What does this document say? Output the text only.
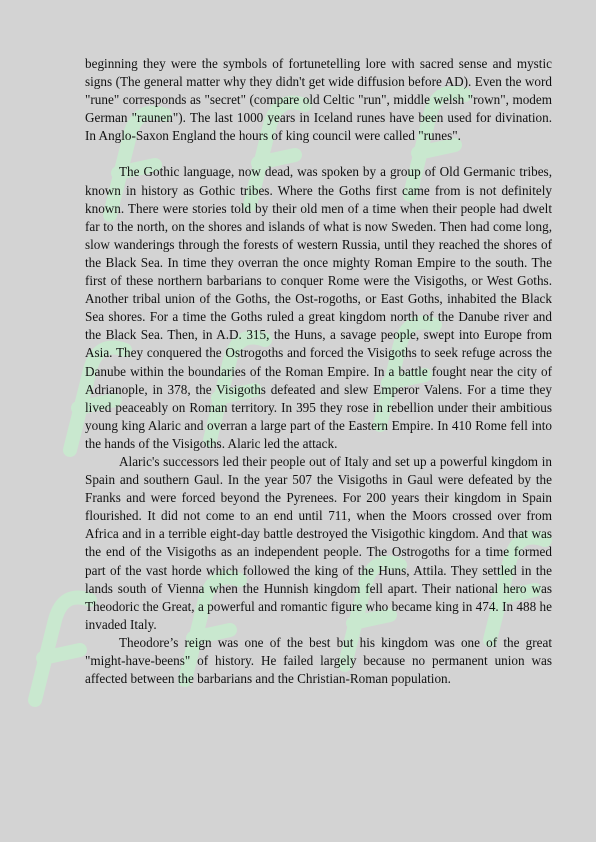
beginning they were the symbols of fortunetelling lore with sacred sense and mystic signs (The general matter why they didn't get wide diffusion before AD). Even the word "rune" corresponds as "secret" (compare old Celtic "run", middle welsh "rown", modem German "raunen"). The last 1000 years in Iceland runes have been used for divination. In Anglo-Saxon England the hours of king council were called "runes".

The Gothic language, now dead, was spoken by a group of Old Germanic tribes, known in history as Gothic tribes. Where the Goths first came from is not definitely known. There were stories told by their old men of a time when their people had dwelt far to the north, on the shores and islands of what is now Sweden. Then had come long, slow wanderings through the forests of western Russia, until they reached the shores of the Black Sea. In time they overran the once mighty Roman Empire to the south. The first of these northern barbarians to conquer Rome were the Visigoths, or West Goths. Another tribal union of the Goths, the Ost-rogoths, or East Goths, inhabited the Black Sea shores. For a time the Goths ruled a great kingdom north of the Danube river and the Black Sea. Then, in A.D. 315, the Huns, a savage people, swept into Europe from Asia. They conquered the Ostrogoths and forced the Visigoths to seek refuge across the Danube within the boundaries of the Roman Empire. In a battle fought near the city of Adrianople, in 378, the Visigoths defeated and slew Emperor Valens. For a time they lived peaceably on Roman territory. In 395 they rose in rebellion under their ambitious young king Alaric and overran a large part of the Eastern Empire. In 410 Rome fell into the hands of the Visigoths. Alaric led the attack.

Alaric's successors led their people out of Italy and set up a powerful kingdom in Spain and southern Gaul. In the year 507 the Visigoths in Gaul were defeated by the Franks and were forced beyond the Pyrenees. For 200 years their kingdom in Spain flourished. It did not come to an end until 711, when the Moors crossed over from Africa and in a terrible eight-day battle destroyed the Visigothic kingdom. And that was the end of the Visigoths as an independent people. The Ostrogoths for a time formed part of the vast horde which followed the king of the Huns, Attila. They settled in the lands south of Vienna when the Hunnish kingdom fell apart. Their national hero was Theodoric the Great, a powerful and romantic figure who became king in 474. In 488 he invaded Italy.

Theodore’s reign was one of the best but his kingdom was one of the great "might-have-beens" of history. He failed largely because no permanent union was affected between the barbarians and the Christian-Roman population.
